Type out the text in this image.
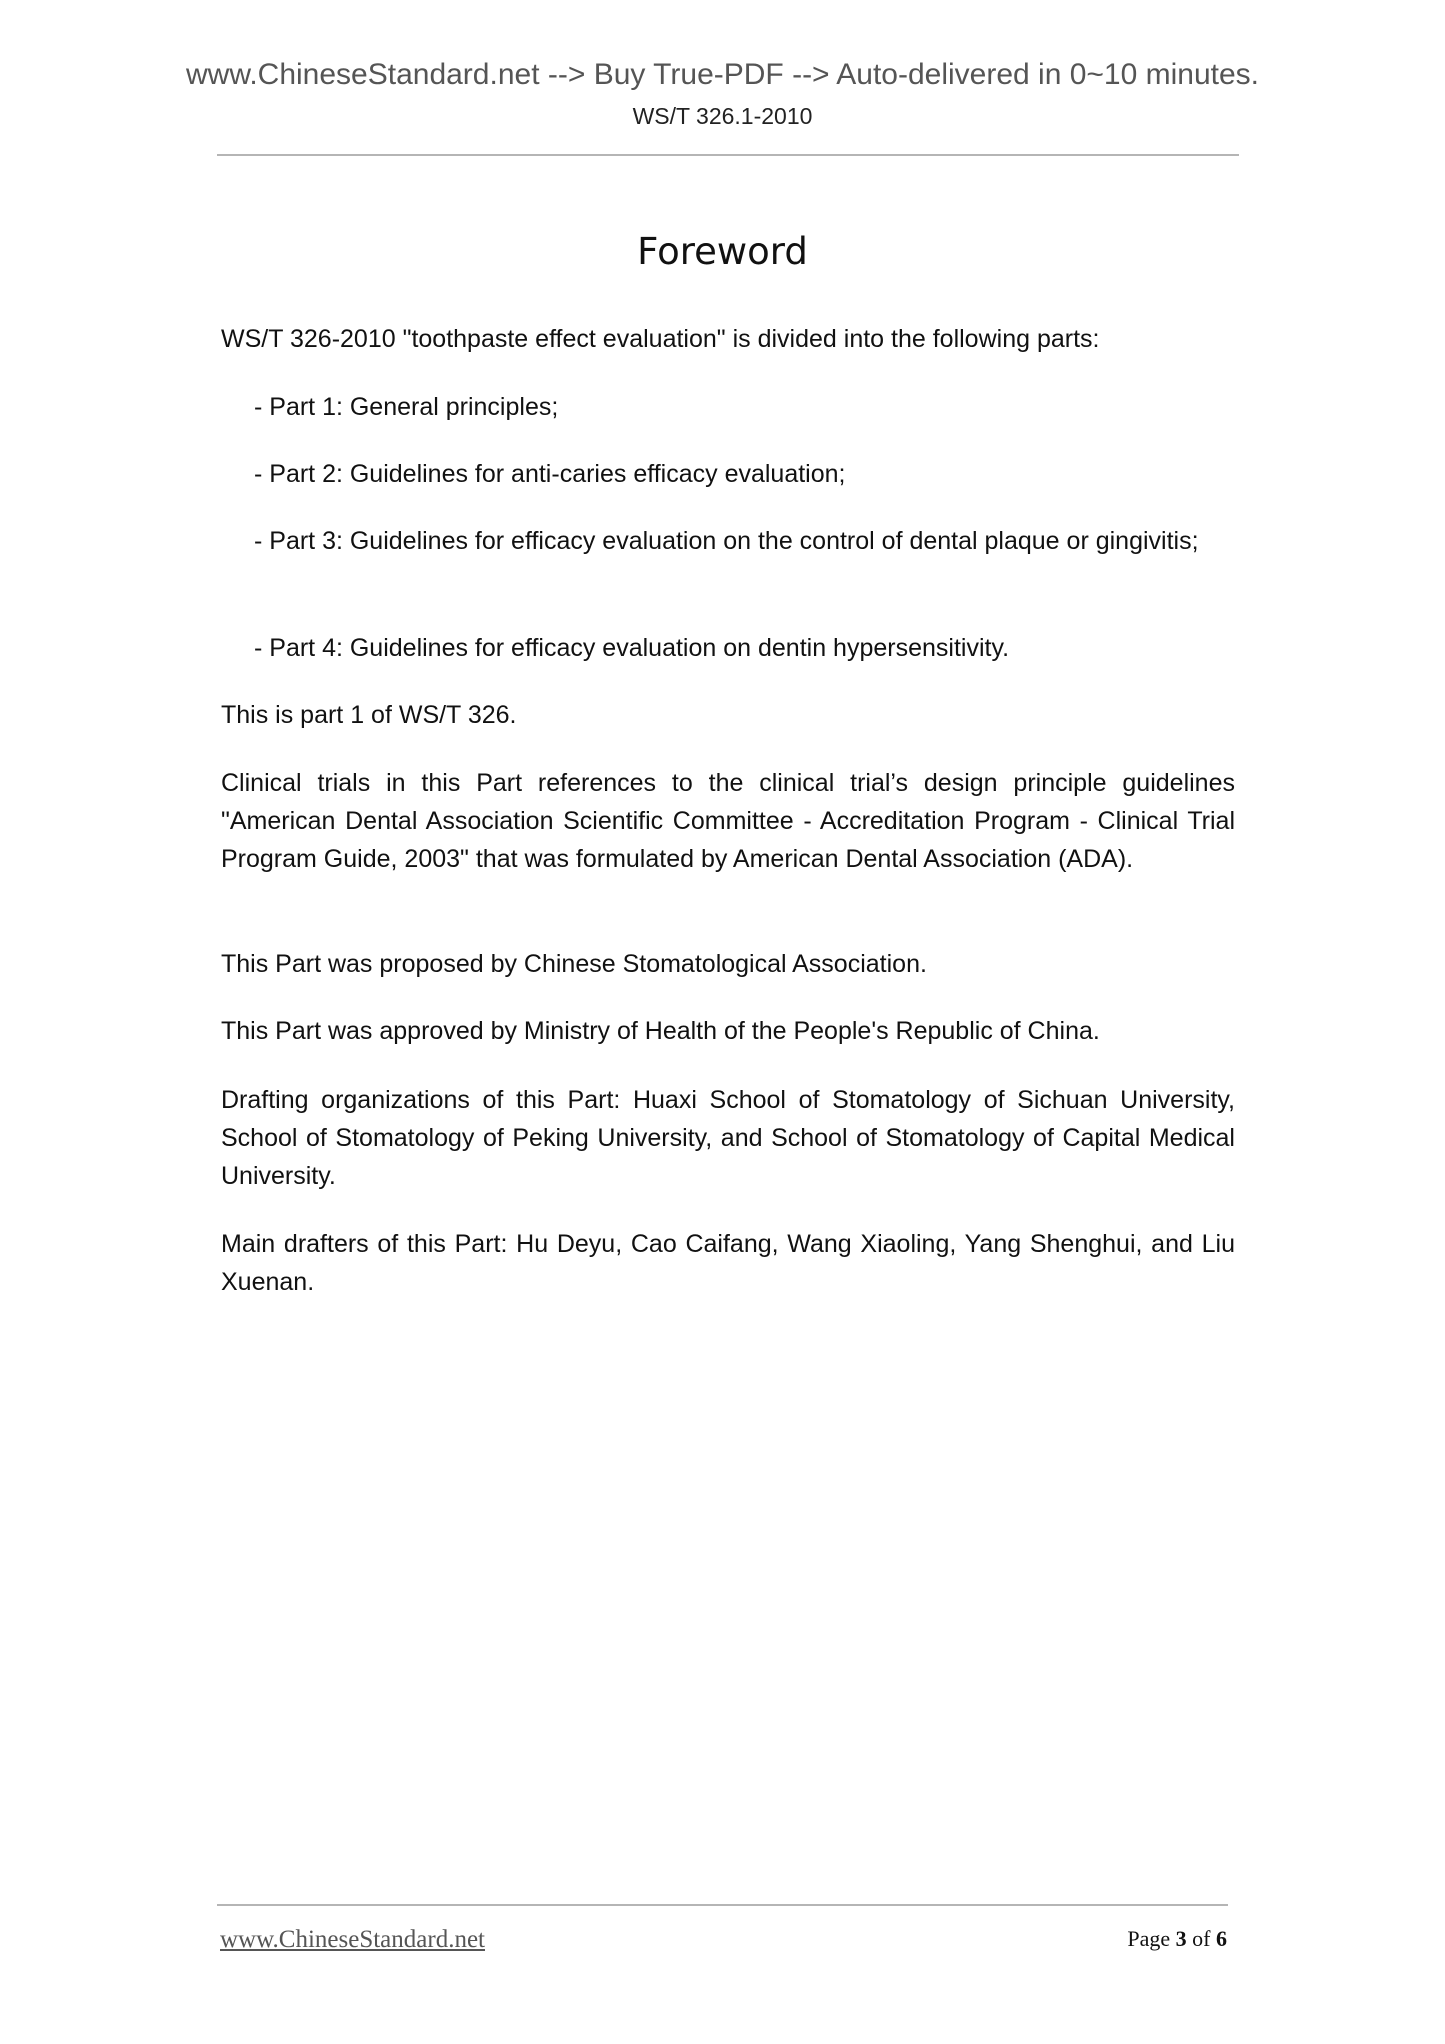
www.ChineseStandard.net --> Buy True-PDF --> Auto-delivered in 0~10 minutes.
WS/T 326.1-2010
Foreword
WS/T 326-2010 "toothpaste effect evaluation" is divided into the following parts:
- Part 1: General principles;
- Part 2: Guidelines for anti-caries efficacy evaluation;
- Part 3: Guidelines for efficacy evaluation on the control of dental plaque or gingivitis;
- Part 4: Guidelines for efficacy evaluation on dentin hypersensitivity.
This is part 1 of WS/T 326.
Clinical trials in this Part references to the clinical trial’s design principle guidelines "American Dental Association Scientific Committee - Accreditation Program - Clinical Trial Program Guide, 2003" that was formulated by American Dental Association (ADA).
This Part was proposed by Chinese Stomatological Association.
This Part was approved by Ministry of Health of the People's Republic of China.
Drafting organizations of this Part: Huaxi School of Stomatology of Sichuan University, School of Stomatology of Peking University, and School of Stomatology of Capital Medical University.
Main drafters of this Part: Hu Deyu, Cao Caifang, Wang Xiaoling, Yang Shenghui, and Liu Xuenan.
www.ChineseStandard.net	Page 3 of 6
